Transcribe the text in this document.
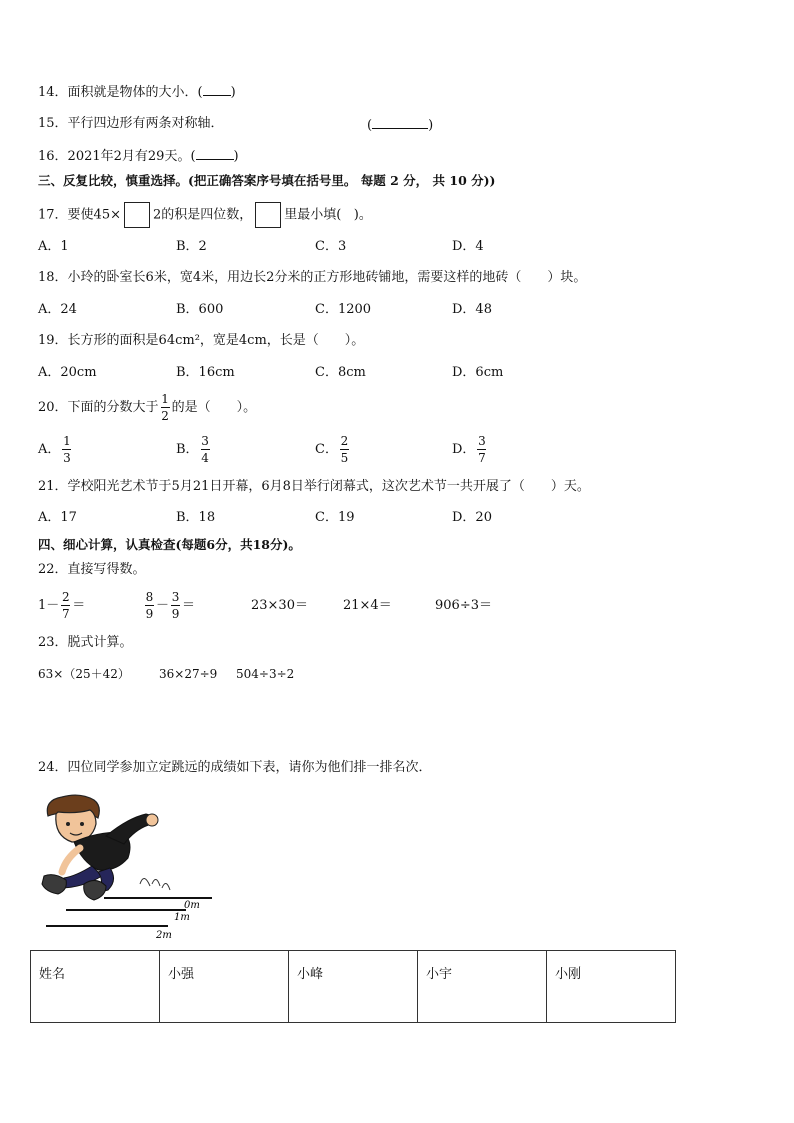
14．面积就是物体的大小．( )
15．平行四边形有两条对称轴．	(	)
16．2021年2月有29天。(	)
三、反复比较，慎重选择。(把正确答案序号填在括号里。 每题 2 分， 共 10 分))
17．要使45× 2的积是四位数， 里最小填( )。
A．1	B．2	C．3	D．4
18．小玲的卧室长6米，宽4米，用边长2分米的正方形地砖铺地，需要这样的地砖（　　）块。
A．24	B．600	C．1200	D．48
19．长方形的面积是64cm²，宽是4cm，长是（　　）。
A．20cm	B．16cm	C．8cm	D．6cm
20．下面的分数大于 $\frac{1}{2}$ 的是（　　）。
A． $\frac{1}{3}$	B． $\frac{3}{4}$	C． $\frac{2}{5}$	D． $\frac{3}{7}$
21．学校阳光艺术节于5月21日开幕，6月8日举行闭幕式，这次艺术节一共开展了（　　）天。
A．17	B．18	C．19	D．20
四、细心计算，认真检查(每题6分，共18分)。
22．直接写得数。
$1- \frac{2}{7}$ ＝	$\frac{8}{9} - \frac{3}{9}$ ＝	23×30＝	21×4＝	906÷3＝
23．脱式计算。
63×（25＋42） 36×27÷9 504÷3÷2
24．四位同学参加立定跳远的成绩如下表，请你为他们排一排名次．
0m
1m
2m
姓名	小强	小峰	小宇	小刚
